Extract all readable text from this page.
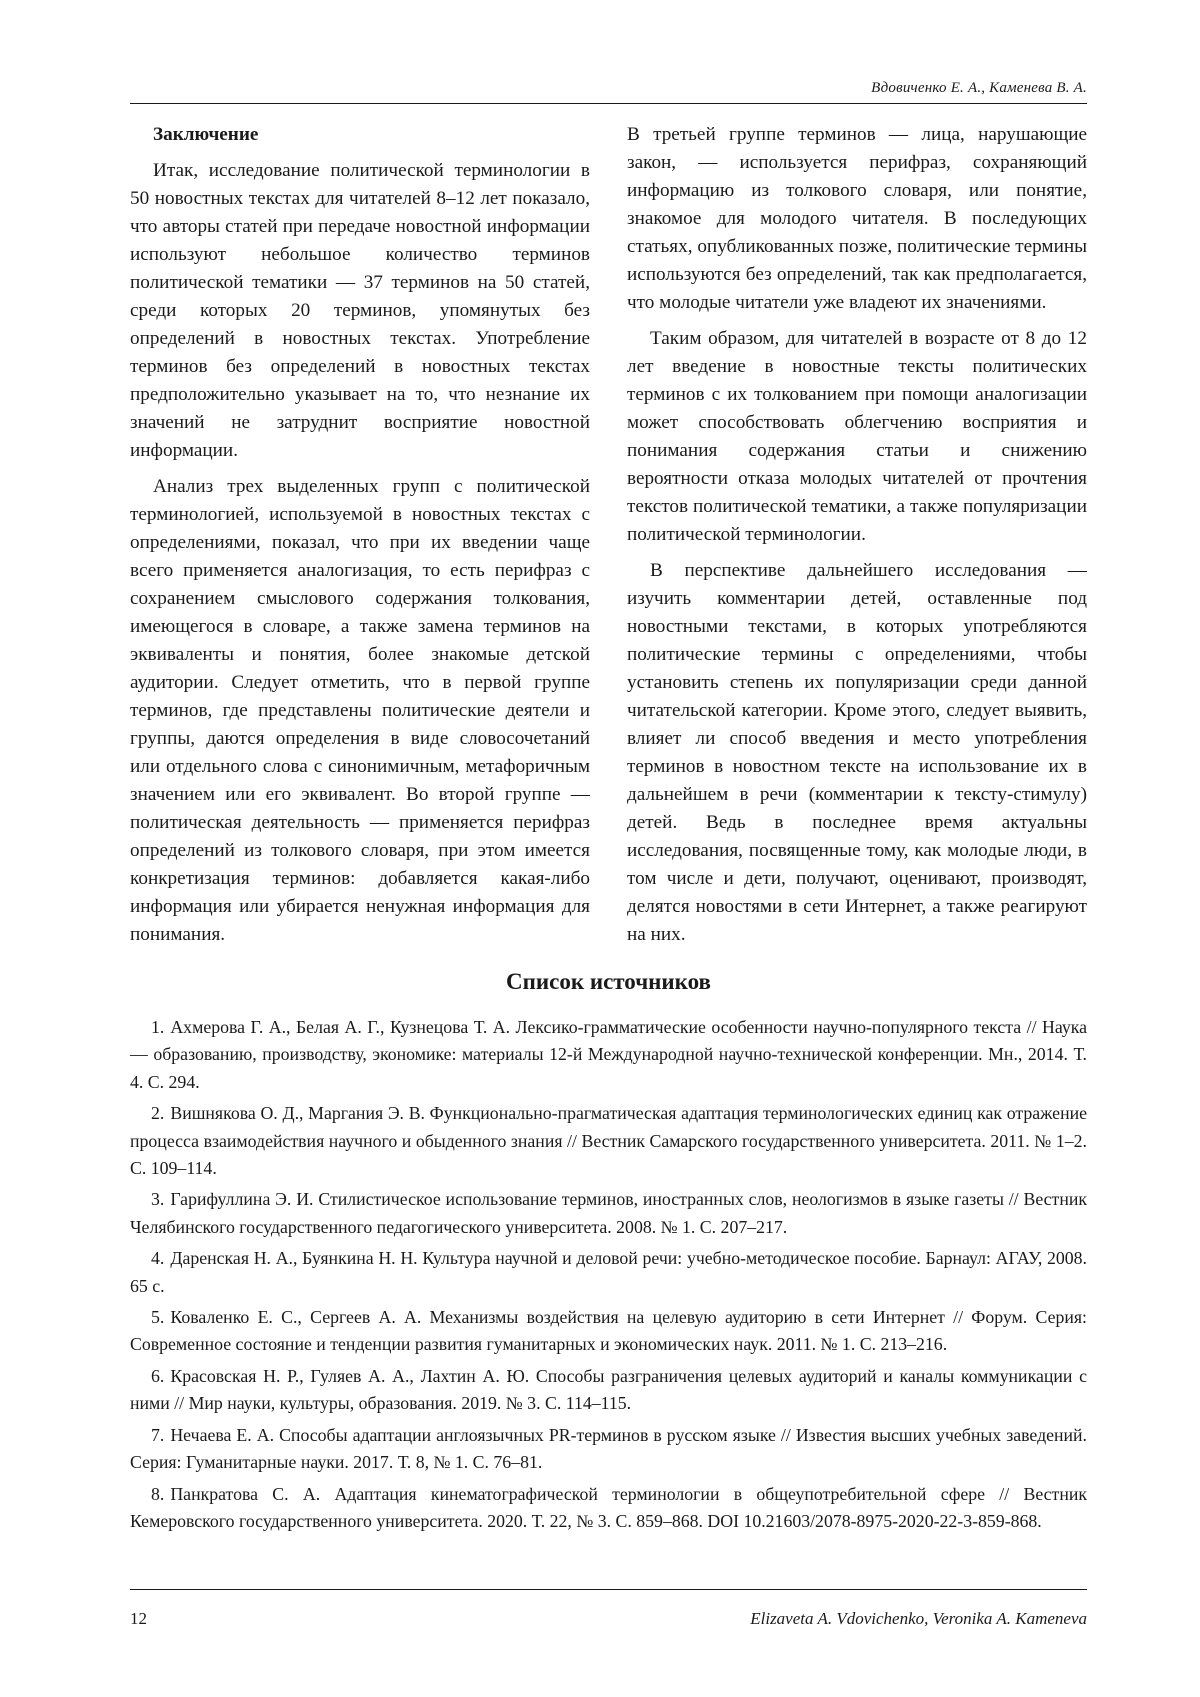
Вдовиченко Е. А., Каменева В. А.

Заключение

Итак, исследование политической терминологии в 50 новостных текстах для читателей 8–12 лет показало, что авторы статей при передаче новостной информации используют небольшое количество терминов политической тематики — 37 терминов на 50 статей, среди которых 20 терминов, упомянутых без определений в новостных текстах. Употребление терминов без определений в новостных текстах предположительно указывает на то, что незнание их значений не затруднит восприятие новостной информации.

Анализ трех выделенных групп с политической терминологией, используемой в новостных текстах с определениями, показал, что при их введении чаще всего применяется аналогизация, то есть перифраз с сохранением смыслового содержания толкования, имеющегося в словаре, а также замена терминов на эквиваленты и понятия, более знакомые детской аудитории. Следует отметить, что в первой группе терминов, где представлены политические деятели и группы, даются определения в виде словосочетаний или отдельного слова с синонимичным, метафоричным значением или его эквивалент. Во второй группе — политическая деятельность — применяется перифраз определений из толкового словаря, при этом имеется конкретизация терминов: добавляется какая-либо информация или убирается ненужная информация для понимания.

В третьей группе терминов — лица, нарушающие закон, — используется перифраз, сохраняющий информацию из толкового словаря, или понятие, знакомое для молодого читателя. В последующих статьях, опубликованных позже, политические термины используются без определений, так как предполагается, что молодые читатели уже владеют их значениями.

Таким образом, для читателей в возрасте от 8 до 12 лет введение в новостные тексты политических терминов с их толкованием при помощи аналогизации может способствовать облегчению восприятия и понимания содержания статьи и снижению вероятности отказа молодых читателей от прочтения текстов политической тематики, а также популяризации политической терминологии.

В перспективе дальнейшего исследования — изучить комментарии детей, оставленные под новостными текстами, в которых употребляются политические термины с определениями, чтобы установить степень их популяризации среди данной читательской категории. Кроме этого, следует выявить, влияет ли способ введения и место употребления терминов в новостном тексте на использование их в дальнейшем в речи (комментарии к тексту-стимулу) детей. Ведь в последнее время актуальны исследования, посвященные тому, как молодые люди, в том числе и дети, получают, оценивают, производят, делятся новостями в сети Интернет, а также реагируют на них.

Список источников

1. Ахмерова Г. А., Белая А. Г., Кузнецова Т. А. Лексико-грамматические особенности научно-популярного текста // Наука — образованию, производству, экономике: материалы 12-й Международной научно-технической конференции. Мн., 2014. Т. 4. С. 294.

2. Вишнякова О. Д., Маргания Э. В. Функционально-прагматическая адаптация терминологических единиц как отражение процесса взаимодействия научного и обыденного знания // Вестник Самарского государственного университета. 2011. № 1–2. С. 109–114.

3. Гарифуллина Э. И. Стилистическое использование терминов, иностранных слов, неологизмов в языке газеты // Вестник Челябинского государственного педагогического университета. 2008. № 1. С. 207–217.

4. Даренская Н. А., Буянкина Н. Н. Культура научной и деловой речи: учебно-методическое пособие. Барнаул: АГАУ, 2008. 65 с.

5. Коваленко Е. С., Сергеев А. А. Механизмы воздействия на целевую аудиторию в сети Интернет // Форум. Серия: Современное состояние и тенденции развития гуманитарных и экономических наук. 2011. № 1. С. 213–216.

6. Красовская Н. Р., Гуляев А. А., Лахтин А. Ю. Способы разграничения целевых аудиторий и каналы коммуникации с ними // Мир науки, культуры, образования. 2019. № 3. С. 114–115.

7. Нечаева Е. А. Способы адаптации англоязычных PR-терминов в русском языке // Известия высших учебных заведений. Серия: Гуманитарные науки. 2017. Т. 8, № 1. С. 76–81.

8. Панкратова С. А. Адаптация кинематографической терминологии в общеупотребительной сфере // Вестник Кемеровского государственного университета. 2020. Т. 22, № 3. С. 859–868. DOI 10.21603/2078-8975-2020-22-3-859-868.

12	Elizaveta A. Vdovichenko, Veronika A. Kameneva
